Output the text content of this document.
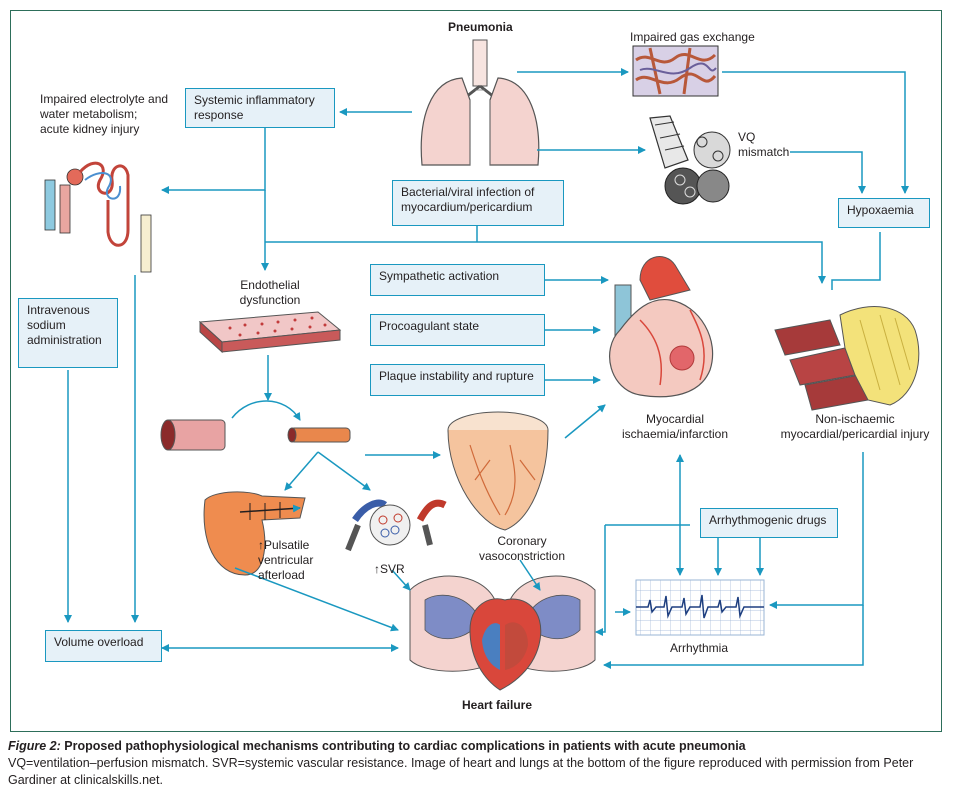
Pneumonia
Impaired gas exchange
VQ mismatch
Hypoxaemia
Systemic inflammatory response
Impaired electrolyte and water metabolism; acute kidney injury
Bacterial/viral infection of myocardium/pericardium
Endothelial dysfunction
Sympathetic activation
Procoagulant state
Plaque instability and rupture
Intravenous sodium administration
Myocardial ischaemia/infarction
Non-ischaemic myocardial/pericardial injury
↑Pulsatile ventricular afterload	↑SVR
Coronary vasoconstriction
Arrhythmogenic drugs
Arrhythmia
Volume overload
Heart failure
Figure 2: Proposed pathophysiological mechanisms contributing to cardiac complications in patients with acute pneumonia
VQ=ventilation–perfusion mismatch. SVR=systemic vascular resistance. Image of heart and lungs at the bottom of the figure reproduced with permission from Peter Gardiner at clinicalskills.net.
